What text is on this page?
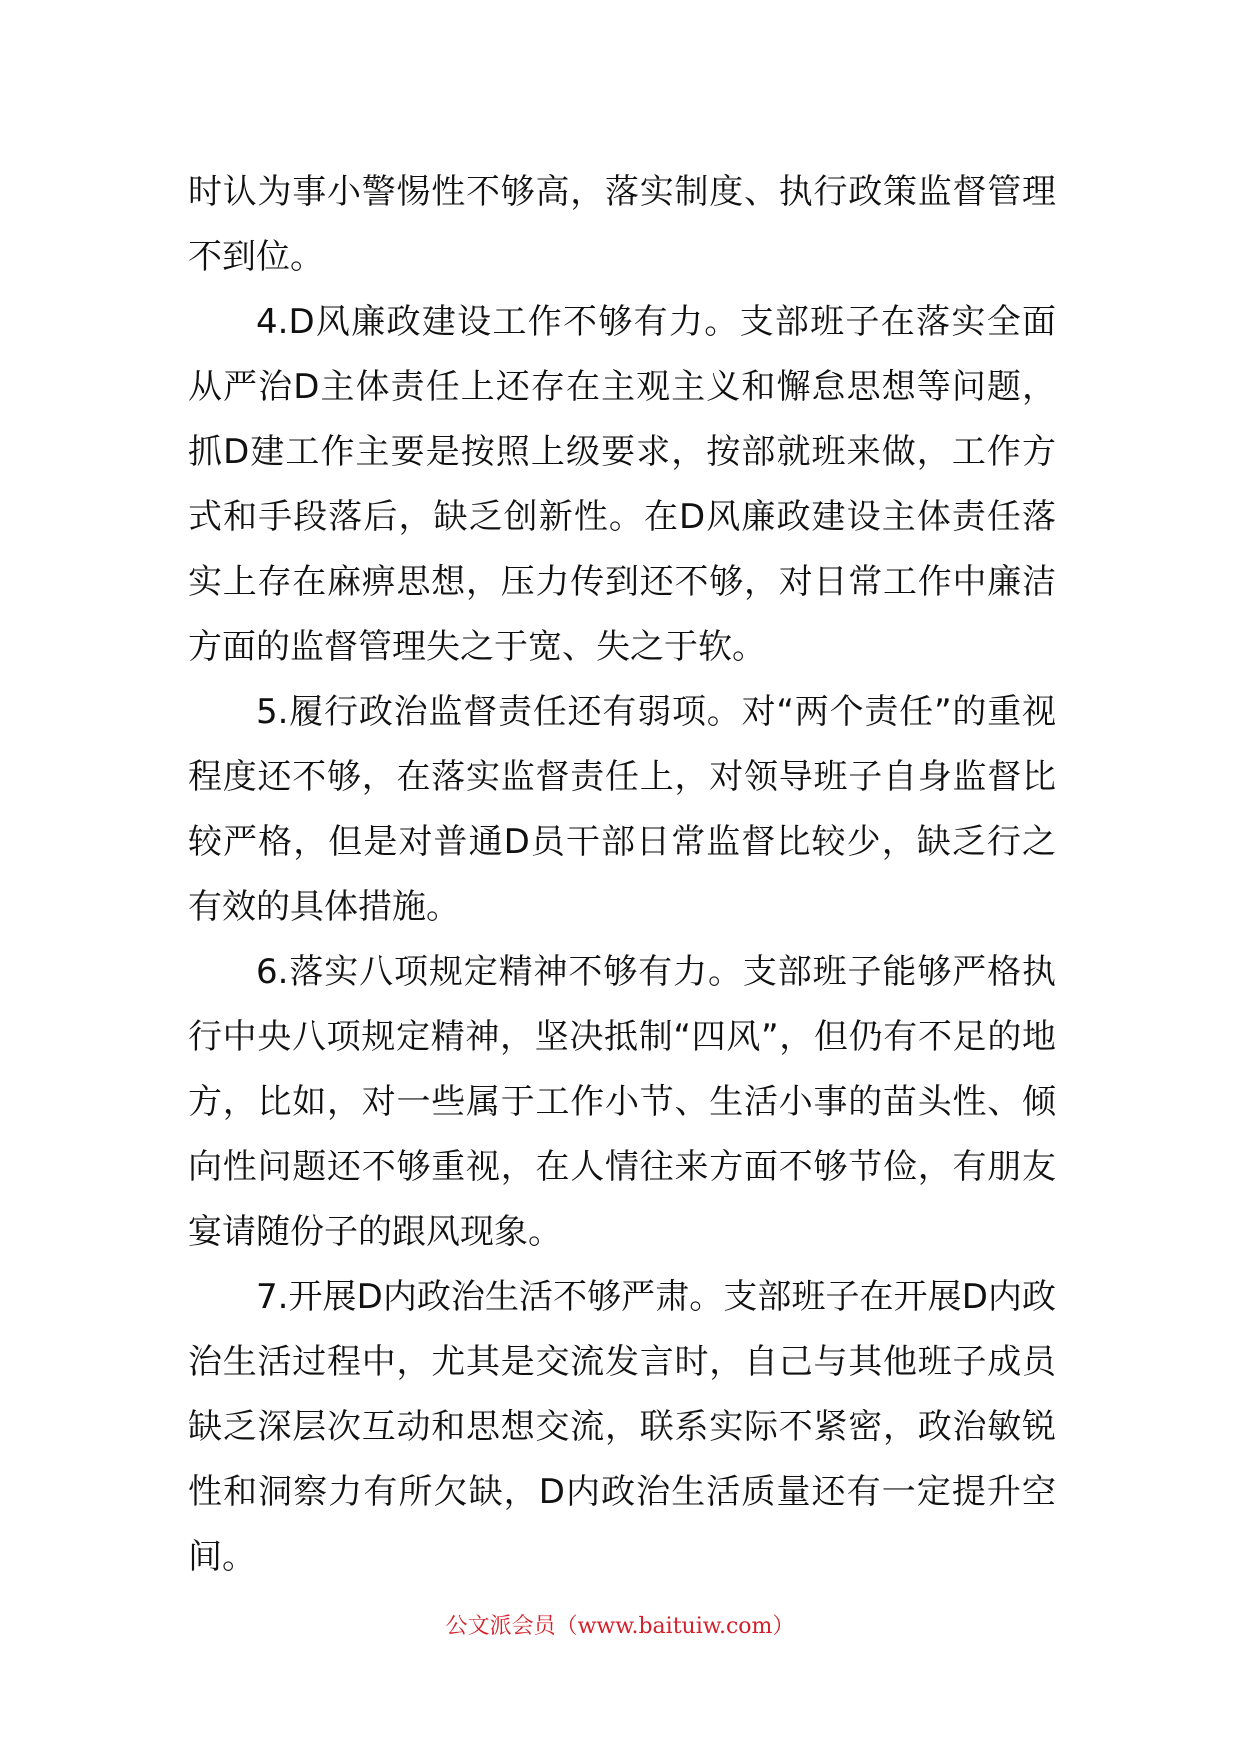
时认为事小警惕性不够高，落实制度、执行政策监督管理不到位。

4.D风廉政建设工作不够有力。支部班子在落实全面从严治D主体责任上还存在主观主义和懈怠思想等问题，抓D建工作主要是按照上级要求，按部就班来做，工作方式和手段落后，缺乏创新性。在D风廉政建设主体责任落实上存在麻痹思想，压力传到还不够，对日常工作中廉洁方面的监督管理失之于宽、失之于软。

5.履行政治监督责任还有弱项。对“两个责任”的重视程度还不够，在落实监督责任上，对领导班子自身监督比较严格，但是对普通D员干部日常监督比较少，缺乏行之有效的具体措施。

6.落实八项规定精神不够有力。支部班子能够严格执行中央八项规定精神，坚决抵制“四风”，但仍有不足的地方，比如，对一些属于工作小节、生活小事的苗头性、倾向性问题还不够重视，在人情往来方面不够节俭，有朋友宴请随份子的跟风现象。

7.开展D内政治生活不够严肃。支部班子在开展D内政治生活过程中，尤其是交流发言时，自己与其他班子成员缺乏深层次互动和思想交流，联系实际不紧密，政治敏锐性和洞察力有所欠缺，D内政治生活质量还有一定提升空间。

公文派会员（www.baituiw.com）
